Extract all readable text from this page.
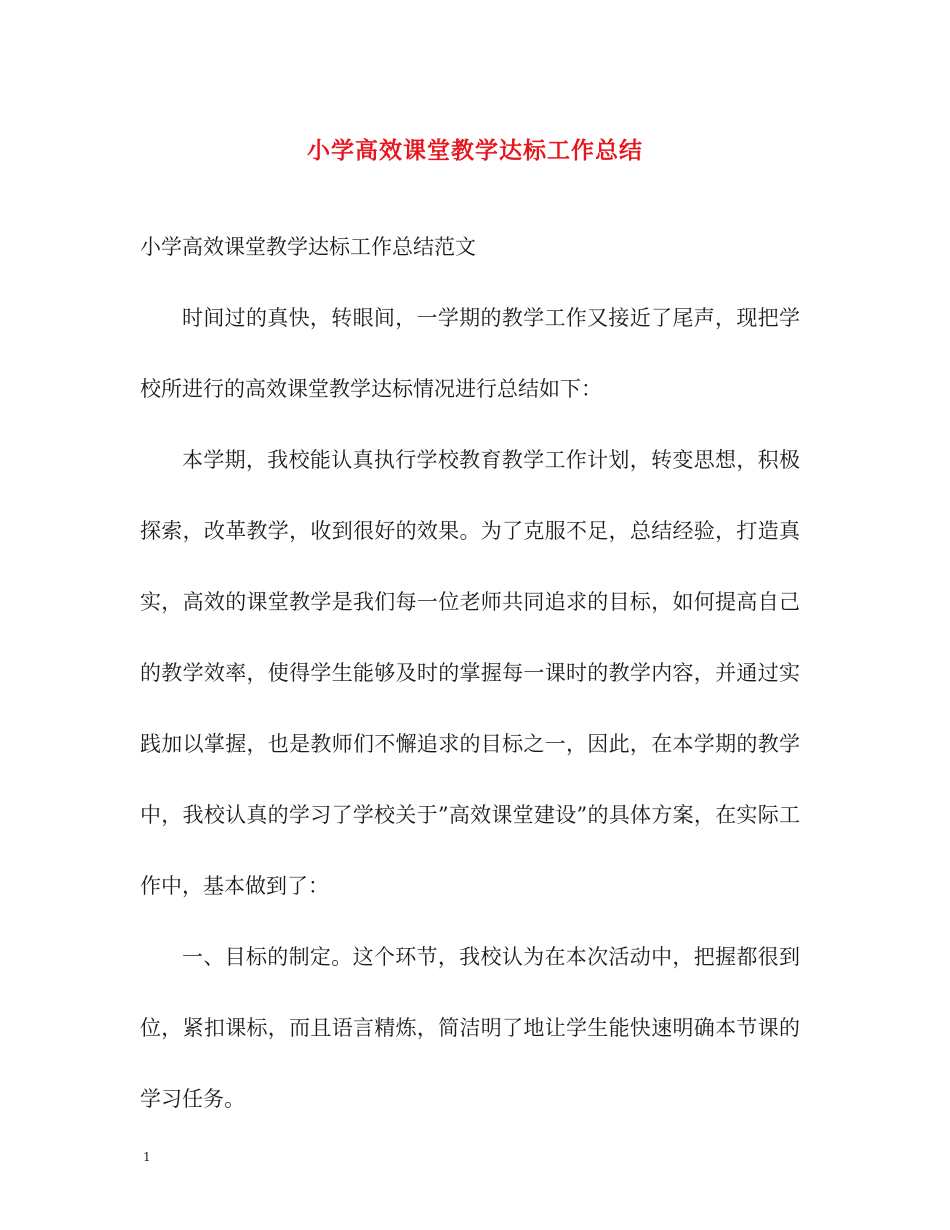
小学高效课堂教学达标工作总结

小学高效课堂教学达标工作总结范文

时间过的真快，转眼间，一学期的教学工作又接近了尾声，现把学校所进行的高效课堂教学达标情况进行总结如下：

本学期，我校能认真执行学校教育教学工作计划，转变思想，积极探索，改革教学，收到很好的效果。为了克服不足，总结经验，打造真实，高效的课堂教学是我们每一位老师共同追求的目标，如何提高自己的教学效率，使得学生能够及时的掌握每一课时的教学内容，并通过实践加以掌握，也是教师们不懈追求的目标之一，因此，在本学期的教学中，我校认真的学习了学校关于”高效课堂建设”的具体方案，在实际工作中，基本做到了：

一、目标的制定。这个环节，我校认为在本次活动中，把握都很到位，紧扣课标，而且语言精炼，简洁明了地让学生能快速明确本节课的学习任务。

1
